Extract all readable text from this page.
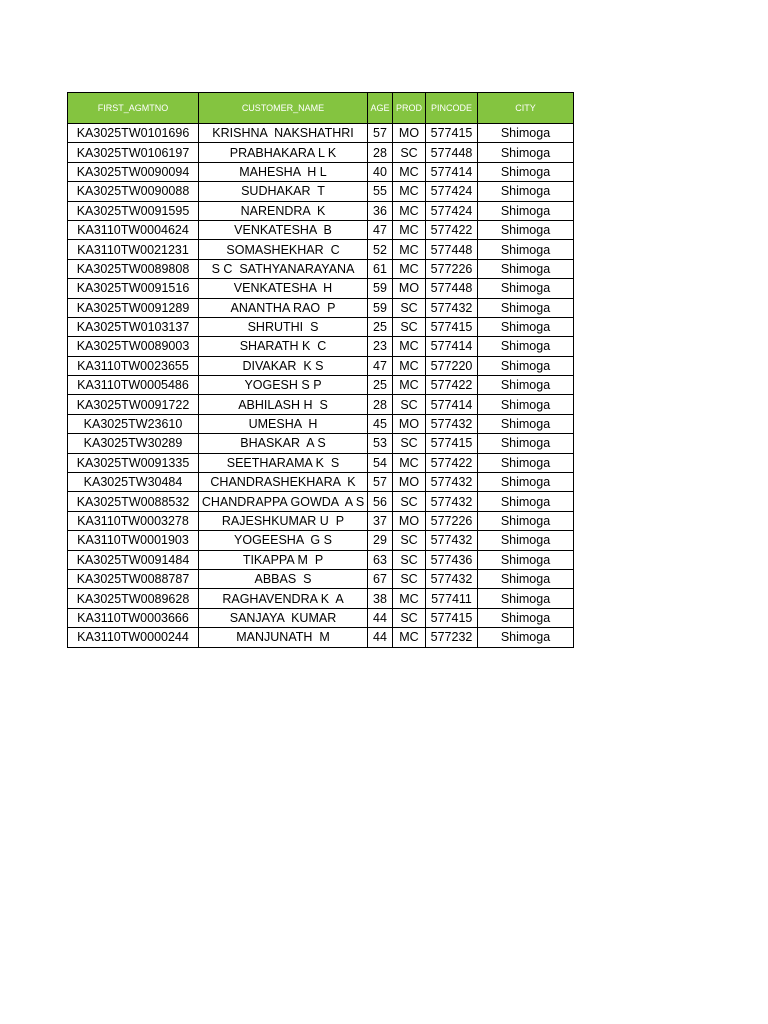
FIRST_AGMTNO	CUSTOMER_NAME	AGE	PROD	PINCODE	CITY
KA3025TW0101696	KRISHNA  NAKSHATHRI	57	MO	577415	Shimoga
KA3025TW0106197	PRABHAKARA L K	28	SC	577448	Shimoga
KA3025TW0090094	MAHESHA  H L	40	MC	577414	Shimoga
KA3025TW0090088	SUDHAKAR  T	55	MC	577424	Shimoga
KA3025TW0091595	NARENDRA  K	36	MC	577424	Shimoga
KA3110TW0004624	VENKATESHA  B	47	MC	577422	Shimoga
KA3110TW0021231	SOMASHEKHAR  C	52	MC	577448	Shimoga
KA3025TW0089808	S C  SATHYANARAYANA	61	MC	577226	Shimoga
KA3025TW0091516	VENKATESHA  H	59	MO	577448	Shimoga
KA3025TW0091289	ANANTHA RAO  P	59	SC	577432	Shimoga
KA3025TW0103137	SHRUTHI  S	25	SC	577415	Shimoga
KA3025TW0089003	SHARATH K  C	23	MC	577414	Shimoga
KA3110TW0023655	DIVAKAR  K S	47	MC	577220	Shimoga
KA3110TW0005486	YOGESH S P	25	MC	577422	Shimoga
KA3025TW0091722	ABHILASH H  S	28	SC	577414	Shimoga
KA3025TW23610	UMESHA  H	45	MO	577432	Shimoga
KA3025TW30289	BHASKAR  A S	53	SC	577415	Shimoga
KA3025TW0091335	SEETHARAMA K  S	54	MC	577422	Shimoga
KA3025TW30484	CHANDRASHEKHARA  K	57	MO	577432	Shimoga
KA3025TW0088532	CHANDRAPPA GOWDA  A S	56	SC	577432	Shimoga
KA3110TW0003278	RAJESHKUMAR U  P	37	MO	577226	Shimoga
KA3110TW0001903	YOGEESHA  G S	29	SC	577432	Shimoga
KA3025TW0091484	TIKAPPA M  P	63	SC	577436	Shimoga
KA3025TW0088787	ABBAS  S	67	SC	577432	Shimoga
KA3025TW0089628	RAGHAVENDRA K  A	38	MC	577411	Shimoga
KA3110TW0003666	SANJAYA  KUMAR	44	SC	577415	Shimoga
KA3110TW0000244	MANJUNATH  M	44	MC	577232	Shimoga
